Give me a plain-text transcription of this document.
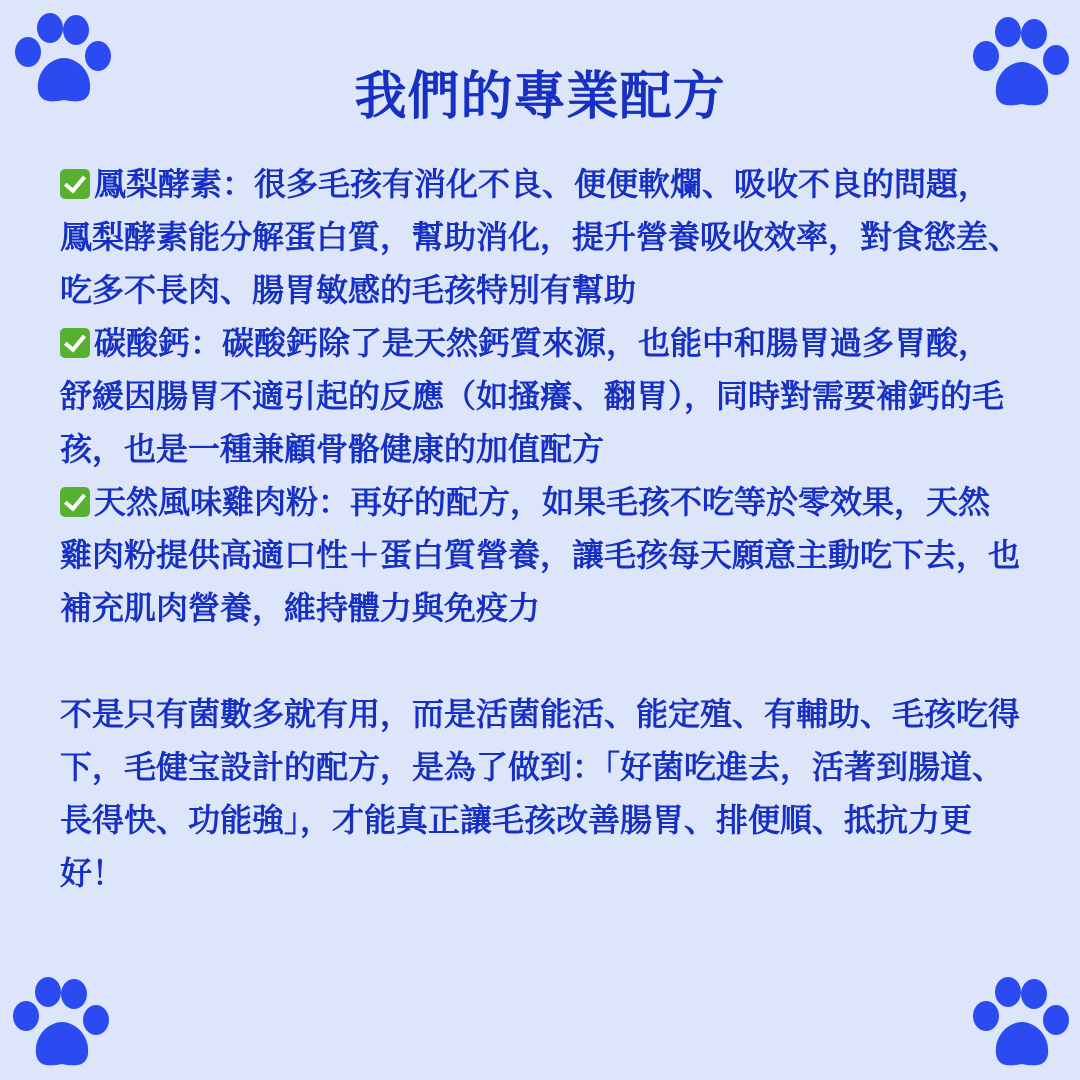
我們的專業配方

鳳梨酵素：很多毛孩有消化不良、便便軟爛、吸收不良的問題，鳳梨酵素能分解蛋白質，幫助消化，提升營養吸收效率，對食慾差、吃多不長肉、腸胃敏感的毛孩特別有幫助

碳酸鈣：碳酸鈣除了是天然鈣質來源，也能中和腸胃過多胃酸，舒緩因腸胃不適引起的反應（如搔癢、翻胃），同時對需要補鈣的毛孩，也是一種兼顧骨骼健康的加值配方

天然風味雞肉粉：再好的配方，如果毛孩不吃等於零效果，天然雞肉粉提供高適口性＋蛋白質營養，讓毛孩每天願意主動吃下去，也補充肌肉營養，維持體力與免疫力

不是只有菌數多就有用，而是活菌能活、能定殖、有輔助、毛孩吃得下，毛健宝設計的配方，是為了做到：「好菌吃進去，活著到腸道、長得快、功能強」，才能真正讓毛孩改善腸胃、排便順、抵抗力更好！
